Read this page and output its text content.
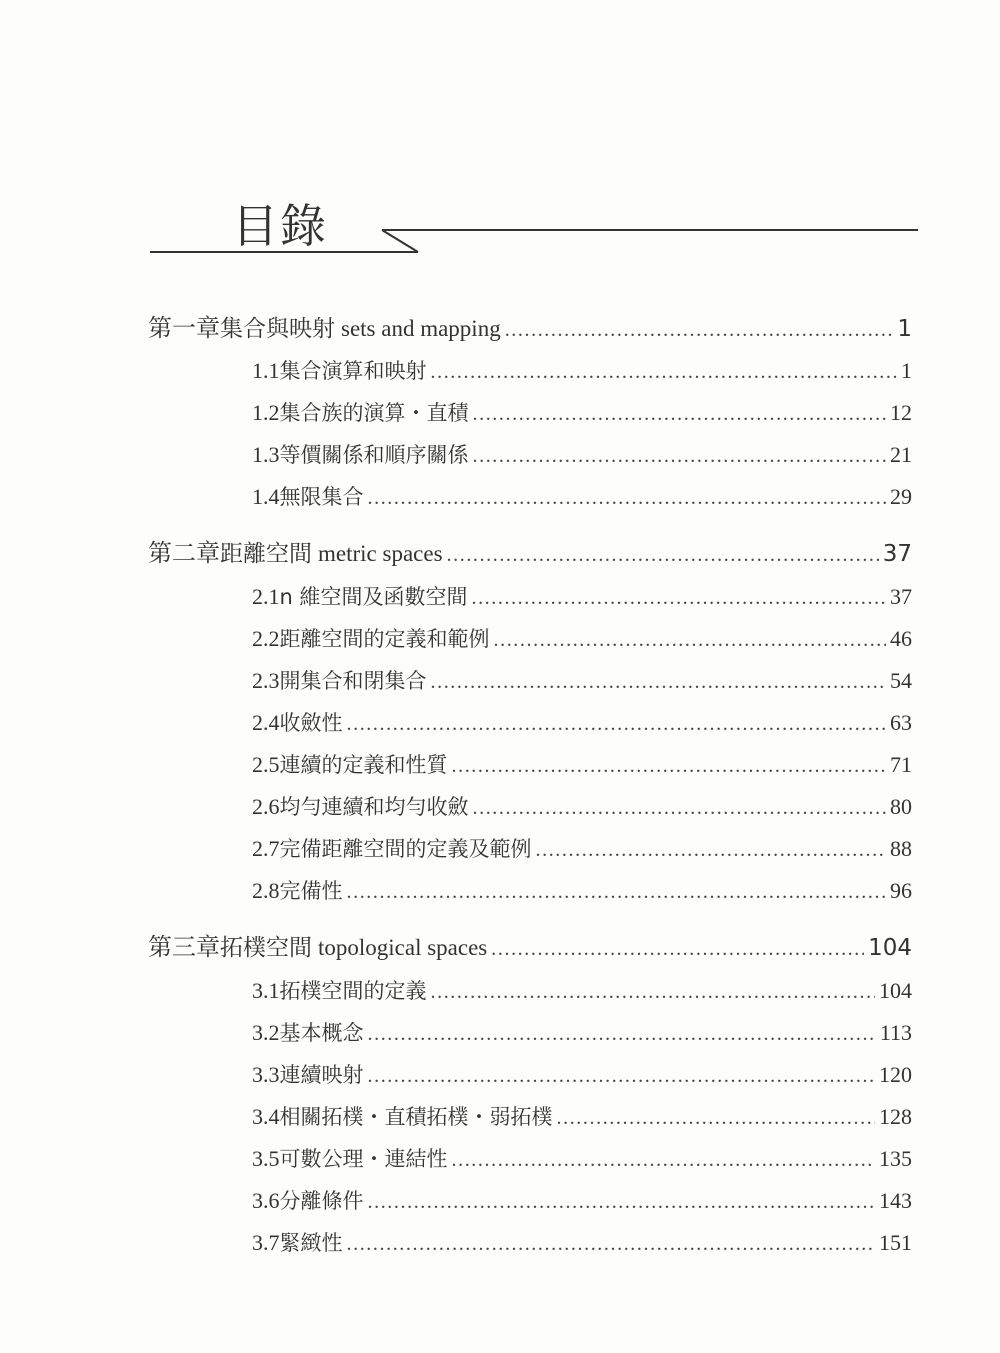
目錄
第一章 集合與映射 sets and mapping .....	1
1.1 集合演算和映射 .....	1
1.2 集合族的演算・直積 .....	12
1.3 等價關係和順序關係 .....	21
1.4 無限集合 .....	29
第二章 距離空間 metric spaces .....	37
2.1 n 維空間及函數空間 .....	37
2.2 距離空間的定義和範例 .....	46
2.3 開集合和閉集合 .....	54
2.4 收斂性 .....	63
2.5 連續的定義和性質 .....	71
2.6 均勻連續和均勻收斂 .....	80
2.7 完備距離空間的定義及範例 .....	88
2.8 完備性 .....	96
第三章 拓樸空間 topological spaces .....	104
3.1 拓樸空間的定義 .....	104
3.2 基本概念 .....	113
3.3 連續映射 .....	120
3.4 相關拓樸・直積拓樸・弱拓樸 .....	128
3.5 可數公理・連結性 .....	135
3.6 分離條件 .....	143
3.7 緊緻性 .....	151
